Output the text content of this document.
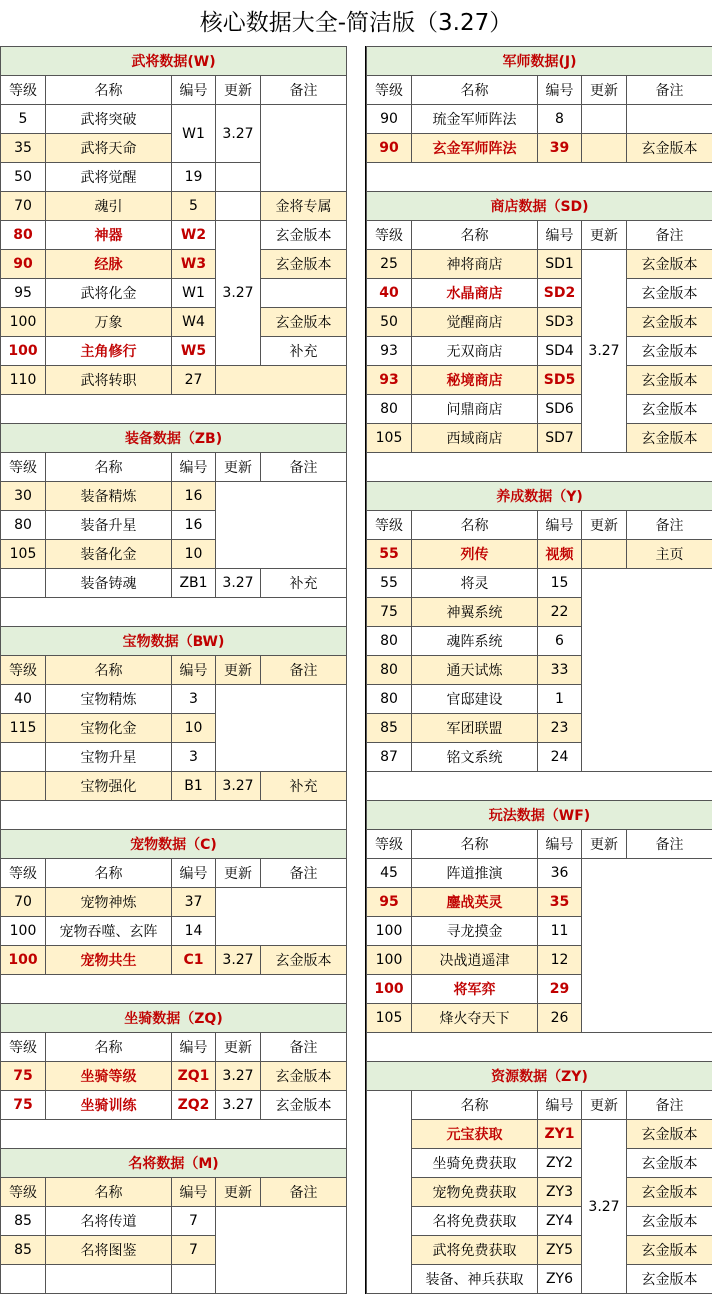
核心数据大全-简洁版（3.27）
武将数据(W)				
等级	名称	编号	更新	备注
5	武将突破	W1	3.27	
35	武将天命			
50	武将觉醒	19		
70	魂引	5		金将专属
80	神器	W2	3.27	玄金版本
90	经脉	W3		玄金版本
95	武将化金	W1		
100	万象	W4		玄金版本
100	主角修行	W5		补充
110	武将转职	27		

装备数据（ZB)				
等级	名称	编号	更新	备注
30	装备精炼	16		
80	装备升星	16		
105	装备化金	10		
	装备铸魂	ZB1	3.27	补充

宝物数据（BW)				
等级	名称	编号	更新	备注
40	宝物精炼	3		
115	宝物化金	10		
	宝物升星	3		
	宝物强化	B1	3.27	补充

宠物数据（C)				
等级	名称	编号	更新	备注
70	宠物神炼	37		
100	宠物吞噬、玄阵	14		
100	宠物共生	C1	3.27	玄金版本

坐骑数据（ZQ)				
等级	名称	编号	更新	备注
75	坐骑等级	ZQ1	3.27	玄金版本
75	坐骑训练	ZQ2	3.27	玄金版本

名将数据（M)				
等级	名称	编号	更新	备注
85	名将传道	7		
85	名将图鉴	7		

军师数据(J)				
等级	名称	编号	更新	备注
90	琉金军师阵法	8		
90	玄金军师阵法	39		玄金版本

商店数据（SD)				
等级	名称	编号	更新	备注
25	神将商店	SD1	3.27	玄金版本
40	水晶商店	SD2		玄金版本
50	觉醒商店	SD3		玄金版本
93	无双商店	SD4		玄金版本
93	秘境商店	SD5		玄金版本
80	问鼎商店	SD6		玄金版本
105	西域商店	SD7		玄金版本

养成数据（Y)				
等级	名称	编号	更新	备注
55	列传	视频		主页
55	将灵	15		
75	神翼系统	22		
80	魂阵系统	6		
80	通天试炼	33		
80	官邸建设	1		
85	军团联盟	23		
87	铭文系统	24		

玩法数据（WF)				
等级	名称	编号	更新	备注
45	阵道推演	36		
95	鏖战英灵	35		
100	寻龙摸金	11		
100	决战逍遥津	12		
100	将军弈	29		
105	烽火夺天下	26		

资源数据（ZY)				
	名称	编号	更新	备注
	元宝获取	ZY1	3.27	玄金版本
	坐骑免费获取	ZY2		玄金版本
	宠物免费获取	ZY3		玄金版本
	名将免费获取	ZY4		玄金版本
	武将免费获取	ZY5		玄金版本
	装备、神兵获取	ZY6		玄金版本
